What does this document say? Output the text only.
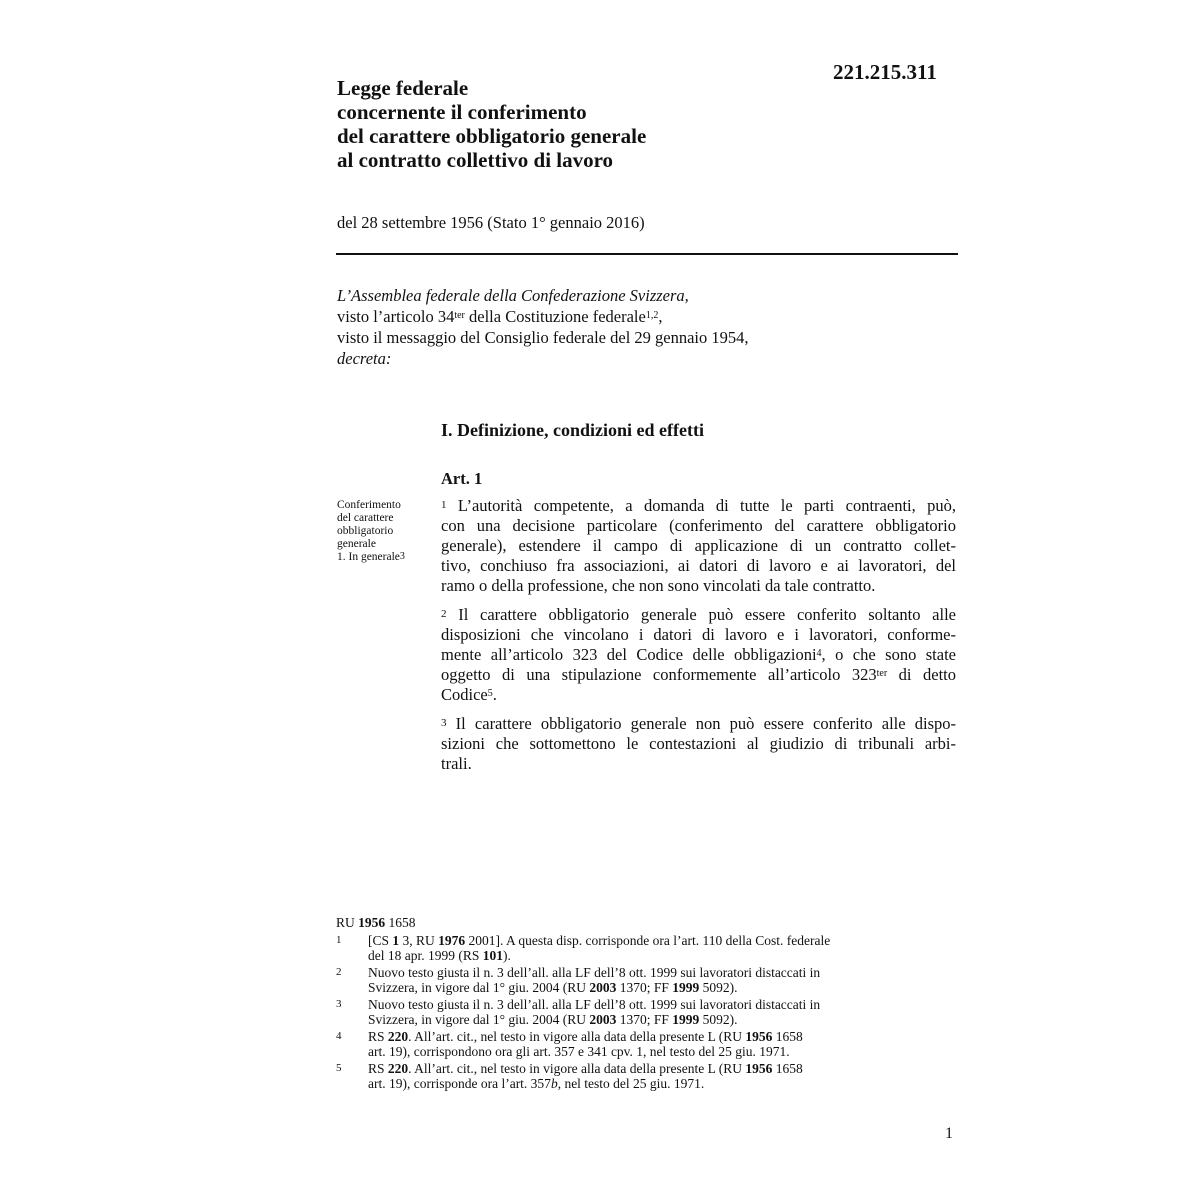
221.215.311
Legge federale
concernente il conferimento
del carattere obbligatorio generale
al contratto collettivo di lavoro
del 28 settembre 1956 (Stato 1° gennaio 2016)
L’Assemblea federale della Confederazione Svizzera,
visto l’articolo $34^{ter}$ della Costituzione federale$^{1,2}$,
visto il messaggio del Consiglio federale del 29 gennaio 1954,
decreta:
I. Definizione, condizioni ed effetti
Art. 1
Conferimento
del carattere
obbligatorio
generale
1. In generale$^3$
$^1$ L’autorità competente, a domanda di tutte le parti contraenti, può,
con una decisione particolare (conferimento del carattere obbligatorio
generale), estendere il campo di applicazione di un contratto collet-
tivo, conchiuso fra associazioni, ai datori di lavoro e ai lavoratori, del
ramo o della professione, che non sono vincolati da tale contratto.
$^2$ Il carattere obbligatorio generale può essere conferito soltanto alle
disposizioni che vincolano i datori di lavoro e i lavoratori, conforme-
mente all’articolo 323 del Codice delle obbligazioni$^4$, o che sono state
oggetto di una stipulazione conformemente all’articolo $323^{ter}$ di detto
Codice$^5$.
$^3$ Il carattere obbligatorio generale non può essere conferito alle dispo-
sizioni che sottomettono le contestazioni al giudizio di tribunali arbi-
trali.
RU 1956 1658
1 [CS 1 3, RU 1976 2001]. A questa disp. corrisponde ora l’art. 110 della Cost. federale
del 18 apr. 1999 (RS 101).
2 Nuovo testo giusta il n. 3 dell’all. alla LF dell’8 ott. 1999 sui lavoratori distaccati in
Svizzera, in vigore dal 1° giu. 2004 (RU 2003 1370; FF 1999 5092).
3 Nuovo testo giusta il n. 3 dell’all. alla LF dell’8 ott. 1999 sui lavoratori distaccati in
Svizzera, in vigore dal 1° giu. 2004 (RU 2003 1370; FF 1999 5092).
4 RS 220. All’art. cit., nel testo in vigore alla data della presente L (RU 1956 1658
art. 19), corrispondono ora gli art. 357 e 341 cpv. 1, nel testo del 25 giu. 1971.
5 RS 220. All’art. cit., nel testo in vigore alla data della presente L (RU 1956 1658
art. 19), corrisponde ora l’art. 357b, nel testo del 25 giu. 1971.
1
